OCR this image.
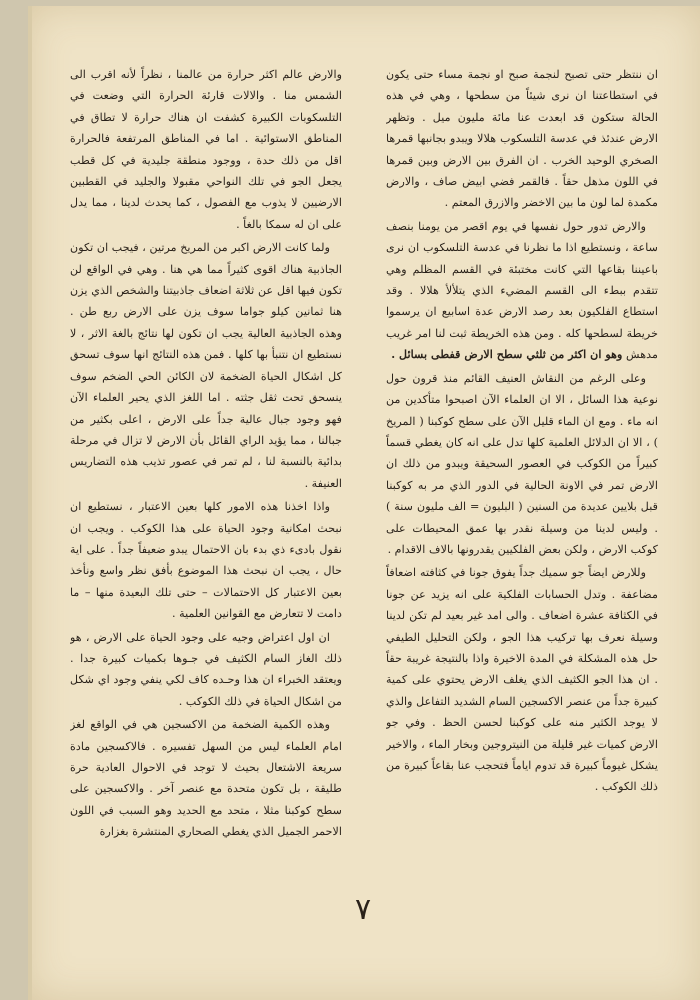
ان ننتظر حتى تصبح لنجمة صبح او نجمة مساء حتى يكون في استطاعتنا ان نرى شيئاً من سطحها ، وهي في هذه الحالة ستكون قد ابعدت عنا مائة مليون ميل . وتظهر الارض عندئذ في عدسة التلسكوب هلالا ويبدو بجانبها قمرها الصخري الوحيد الخرب . ان الفرق بين الارض وبين قمرها في اللون مذهل حقاً . فالقمر فضي ابيض صاف ، والارض مكمدة لما لون ما بين الاخضر والازرق المعتم .

والارض تدور حول نفسها في يوم اقصر من يومنا بنصف ساعة ، ونستطيع اذا ما نظرنا في عدسة التلسكوب ان نرى باعيننا بقاعها التي كانت مختبئة في القسم المظلم وهي تتقدم ببطء الى القسم المضيء الذي يتلألأ هلالا . وقد استطاع الفلكيون بعد رصد الارض عدة اسابيع ان يرسموا خريطة لسطحها كله . ومن هذه الخريطة ثبت لنا امر غريب مدهش وهو ان اكثر من ثلثي سطح الارض قفطى بسائل .

وعلى الرغم من النقاش العنيف القائم منذ قرون حول نوعية هذا السائل ، الا ان العلماء الآن اصبحوا متأكدين من انه ماء . ومع ان الماء قليل الآن على سطح كوكبنا ( المريخ ) ، الا ان الدلائل العلمية كلها تدل على انه كان يغطي قسماً كبيراً من الكوكب في العصور السحيقة ويبدو من ذلك ان الارض تمر في الاونة الحالية في الدور الذي مر به كوكبنا قبل بلايين عديدة من السنين ( البليون = الف مليون سنة ) . وليس لدينا من وسيلة نقدر بها عمق المحيطات على كوكب الارض ، ولكن بعض الفلكيين يقدرونها بالاف الاقدام .

وللارض ايضاً جو سميك جداً يفوق جونا في كثافته اضعافاً مضاعفة . وتدل الحسابات الفلكية على انه يزيد عن جونا في الكثافة عشرة اضعاف . والى امد غير بعيد لم تكن لدينا وسيلة نعرف بها تركيب هذا الجو ، ولكن التحليل الطيفي حل هذه المشكلة في المدة الاخيرة واذا بالنتيجة غريبة حقاً . ان هذا الجو الكثيف الذي يغلف الارض يحتوي على كمية كبيرة جداً من عنصر الاكسجين السام الشديد التفاعل والذي لا يوجد الكثير منه على كوكبنا لحسن الحظ . وفي جو الارض كميات غير قليلة من النيتروجين وبخار الماء ، والاخير يشكل غيوماً كبيرة قد تدوم اياماً فتحجب عنا بقاعاً كبيرة من ذلك الكوكب .

والارض عالم اكثر حرارة من عالمنا ، نظراً لأنه اقرب الى الشمس منا . والالات قارئة الحرارة التي وضعت في التلسكوبات الكبيرة كشفت ان هناك حرارة لا تطاق في المناطق الاستوائية . اما في المناطق المرتفعة فالحرارة اقل من ذلك حدة ، ووجود منطقة جليدية في كل قطب يجعل الجو في تلك النواحي مقبولا والجليد في القطبين الارضيين لا يذوب مع الفصول ، كما يحدث لدينا ، مما يدل على ان له سمكا بالغاً .

ولما كانت الارض اكبر من المريخ مرتين ، فيجب ان تكون الجاذبية هناك اقوى كثيراً مما هي هنا . وهي في الواقع لن تكون فيها اقل عن ثلاثة اضعاف جاذبيتنا والشخص الذي يزن هنا ثمانين كيلو جواما سوف يزن على الارض ربع طن . وهذه الجاذبية العالية يجب ان تكون لها نتائج بالغة الاثر ، لا نستطيع ان نتنبأ بها كلها . فمن هذه النتائج انها سوف تسحق كل اشكال الحياة الضخمة لان الكائن الحي الضخم سوف ينسحق تحت ثقل جثته . اما اللغز الذي يحير العلماء الآن فهو وجود جبال عالية جداً على الارض ، اعلى بكثير من جبالنا ، مما يؤيد الراي القائل بأن الارض لا تزال في مرحلة بدائية بالنسبة لنا ، لم تمر في عصور تذيب هذه التضاريس العنيفة .

واذا اخذنا هذه الامور كلها بعين الاعتبار ، نستطيع ان نبحث امكانية وجود الحياة على هذا الكوكب . ويجب ان نقول بادىء ذي بدء بان الاحتمال يبدو ضعيفاً جداً . على اية حال ، يجب ان نبحث هذا الموضوع بأفق نظر واسع ونأخذ بعين الاعتبار كل الاحتمالات – حتى تلك البعيدة منها – ما دامت لا تتعارض مع القوانين العلمية .

ان اول اعتراض وجيه على وجود الحياة على الارض ، هو ذلك الغاز السام الكثيف في جـوها بكميات كبيرة جدا . ويعتقد الخبراء ان هذا وحـده كاف لكي ينفي وجود اي شكل من اشكال الحياة في ذلك الكوكب .

وهذه الكمية الضخمة من الاكسجين هي في الواقع لغز امام العلماء ليس من السهل تفسيره . فالاكسجين مادة سريعة الاشتعال بحيث لا توجد في الاحوال العادية حرة طليقة ، بل تكون متحدة مع عنصر آخر . والاكسجين على سطح كوكبنا مثلا ، متحد مع الحديد وهو السبب في اللون الاحمر الجميل الذي يغطي الصحاري المنتشرة بغزارة

٧
